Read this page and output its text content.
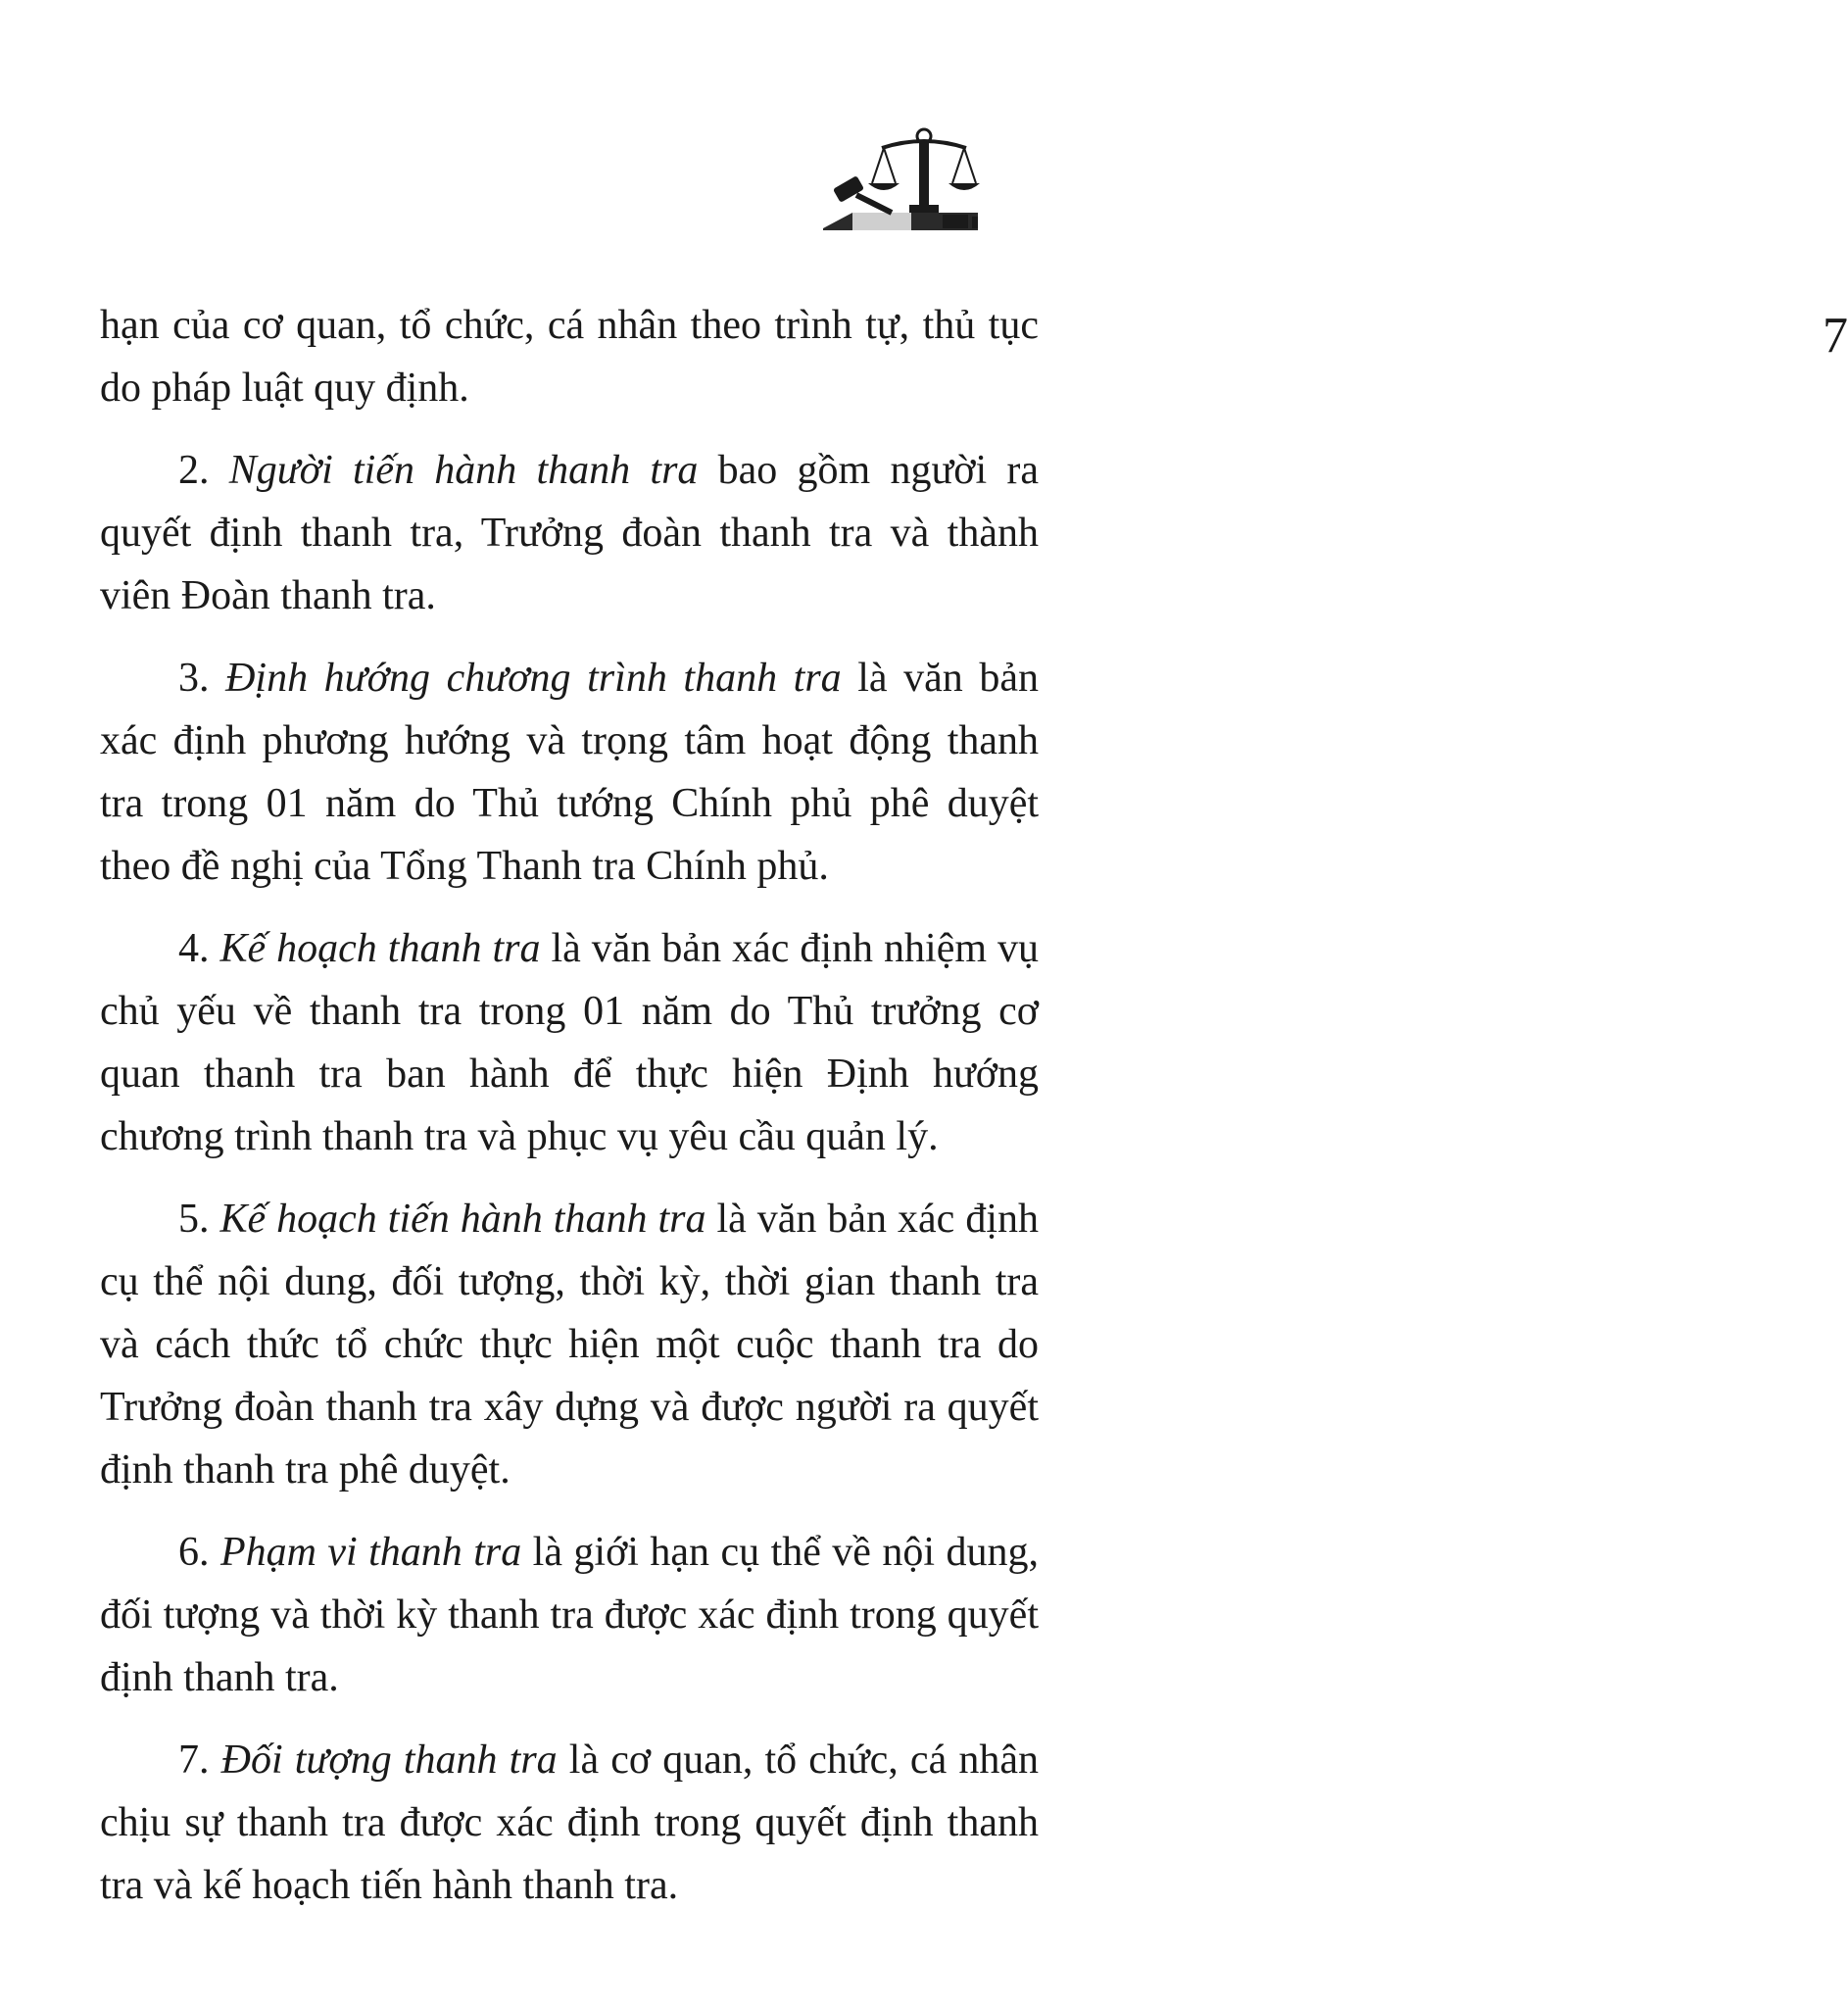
7

hạn của cơ quan, tổ chức, cá nhân theo trình tự, thủ tục do pháp luật quy định.

2. Người tiến hành thanh tra bao gồm người ra quyết định thanh tra, Trưởng đoàn thanh tra và thành viên Đoàn thanh tra.

3. Định hướng chương trình thanh tra là văn bản xác định phương hướng và trọng tâm hoạt động thanh tra trong 01 năm do Thủ tướng Chính phủ phê duyệt theo đề nghị của Tổng Thanh tra Chính phủ.

4. Kế hoạch thanh tra là văn bản xác định nhiệm vụ chủ yếu về thanh tra trong 01 năm do Thủ trưởng cơ quan thanh tra ban hành để thực hiện Định hướng chương trình thanh tra và phục vụ yêu cầu quản lý.

5. Kế hoạch tiến hành thanh tra là văn bản xác định cụ thể nội dung, đối tượng, thời kỳ, thời gian thanh tra và cách thức tổ chức thực hiện một cuộc thanh tra do Trưởng đoàn thanh tra xây dựng và được người ra quyết định thanh tra phê duyệt.

6. Phạm vi thanh tra là giới hạn cụ thể về nội dung, đối tượng và thời kỳ thanh tra được xác định trong quyết định thanh tra.

7. Đối tượng thanh tra là cơ quan, tổ chức, cá nhân chịu sự thanh tra được xác định trong quyết định thanh tra và kế hoạch tiến hành thanh tra.
